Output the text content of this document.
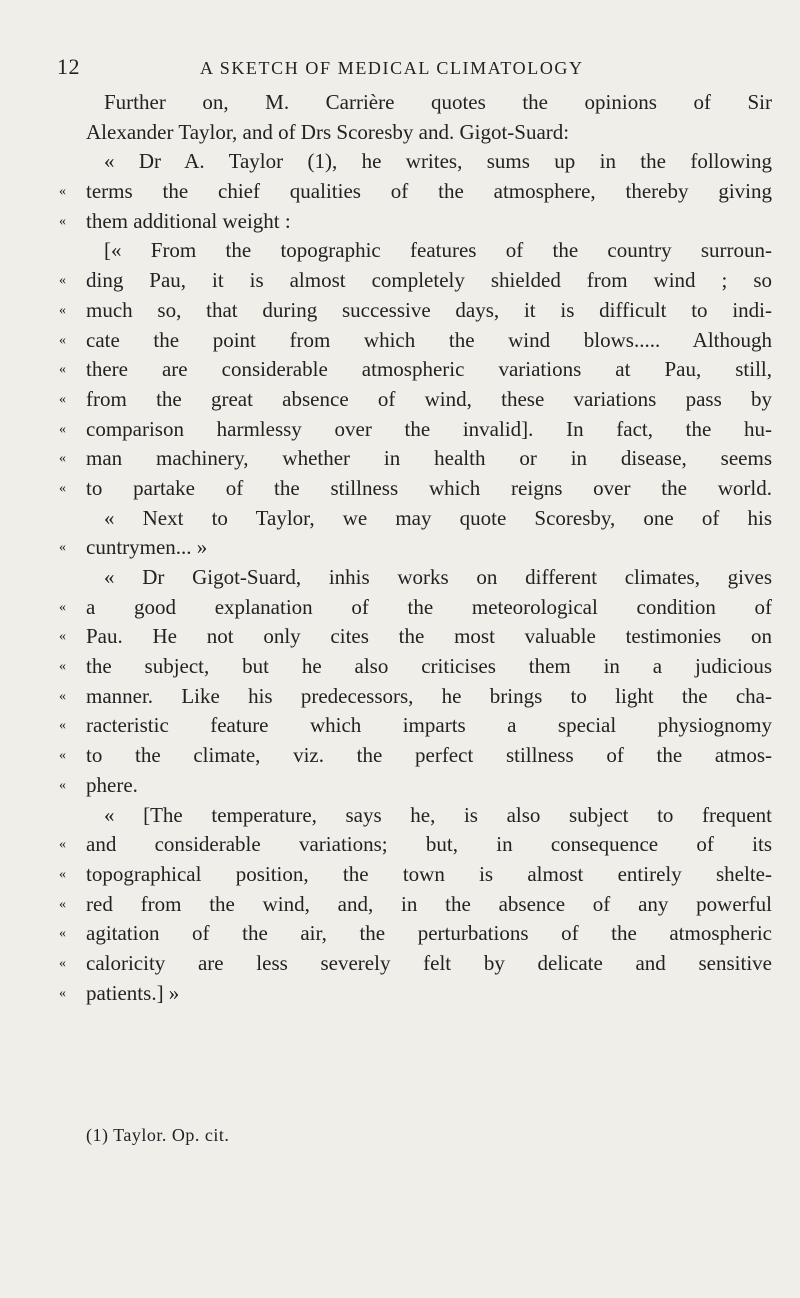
12	A SKETCH OF MEDICAL CLIMATOLOGY
Further on, M. Carrière quotes the opinions of Sir
Alexander Taylor, and of Drs Scoresby and. Gigot-Suard:
« Dr A. Taylor (1), he writes, sums up in the following
« terms the chief qualities of the atmosphere, thereby giving
« them additional weight :
[« From the topographic features of the country surroun-
« ding Pau, it is almost completely shielded from wind ; so
« much so, that during successive days, it is difficult to indi-
« cate the point from which the wind blows..... Although
« there are considerable atmospheric variations at Pau, still,
« from the great absence of wind, these variations pass by
« comparison harmlessy over the invalid]. In fact, the hu-
« man machinery, whether in health or in disease, seems
« to partake of the stillness which reigns over the world.
« Next to Taylor, we may quote Scoresby, one of his
« cuntrymen... »
« Dr Gigot-Suard, inhis works on different climates, gives
« a good explanation of the meteorological condition of
« Pau. He not only cites the most valuable testimonies on
« the subject, but he also criticises them in a judicious
« manner. Like his predecessors, he brings to light the cha-
« racteristic feature which imparts a special physiognomy
« to the climate, viz. the perfect stillness of the atmos-
« phere.
« [The temperature, says he, is also subject to frequent
« and considerable variations; but, in consequence of its
« topographical position, the town is almost entirely shelte-
« red from the wind, and, in the absence of any powerful
« agitation of the air, the perturbations of the atmospheric
« caloricity are less severely felt by delicate and sensitive
« patients.] »
(1) Taylor. Op. cit.
